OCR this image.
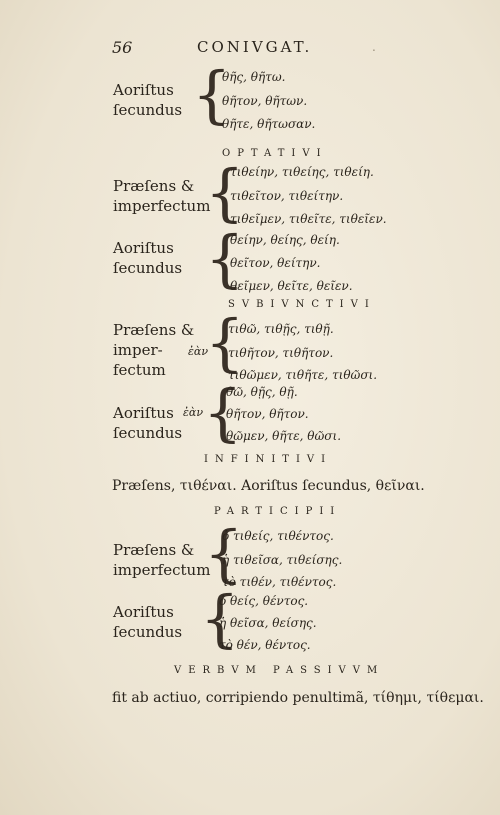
56	CONIVGAT.	.
Aoriſtus
ſecundus {
θῆς, θῆτω.
θῆτον, θῆτων.
θῆτε, θῆτωσαν.
OPTATIVI
Præſens &
imperfectum
{
τιθείην, τιθείης, τιθείη.
τιθεῖτον, τιθείτην.
τιθεῖμεν, τιθεῖτε, τιθεῖεν.
Aoriſtus
ſecundus {
θείην, θείης, θείη.
θεῖτον, θείτην.
θεῖμεν, θεῖτε, θεῖεν.
SVBIVNCTIVI
Præſens &
imper-
fectum
ἐὰν
{
τιθῶ, τιθῇς, τιθῇ.
τιθῆτον, τιθῆτον.
τιθῶμεν, τιθῆτε, τιθῶσι.
Aoriſtus
ſecundus
ἐὰν {
θῶ, θῇς, θῇ.
θῆτον, θῆτον.
θῶμεν, θῆτε, θῶσι.
INFINITIVI
Præſens, τιθέναι. Aoriſtus ſecundus, θεῖναι.
PARTICIPII
Præſens &
imperfectum
{
ὁ τιθείς, τιθέντος.
ἡ τιθεῖσα, τιθείσης.
τὸ τιθέν, τιθέντος.
Aoriſtus
ſecundus {
ὁ θείς, θέντος.
ἡ θεῖσα, θείσης.
τὸ θέν, θέντος.
VERBVM PASSIVVM
fit ab actiuo, corripiendo penultimã, τίθημι, τίθεμαι.
